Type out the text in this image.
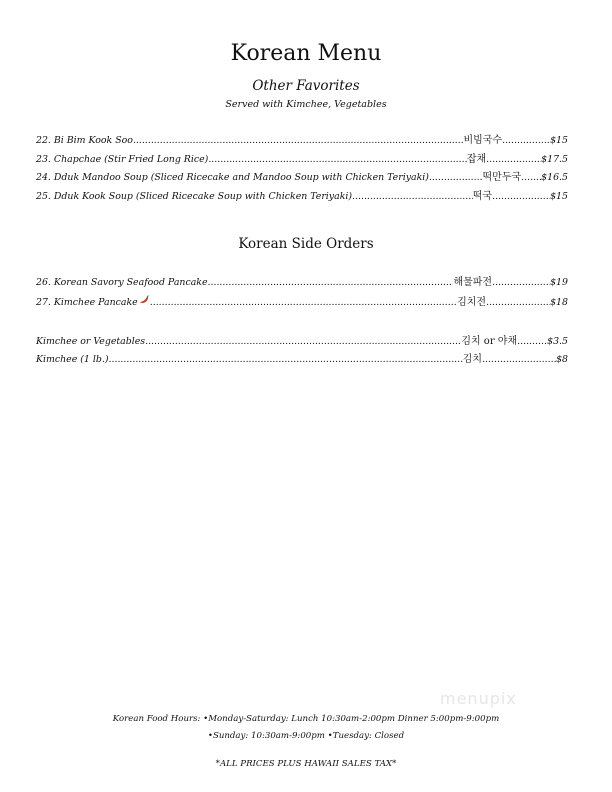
Korean Menu
Other Favorites
Served with Kimchee, Vegetables
22. Bi Bim Kook Soo .....	비빔국수 .....	$15
23. Chapchae (Stir Fried Long Rice) .....	잡채 .....	$17.5
24. Dduk Mandoo Soup (Sliced Ricecake and Mandoo Soup with Chicken Teriyaki) .....	떡만두국 ..... $16.5
25. Dduk Kook Soup (Sliced Ricecake Soup with Chicken Teriyaki) .....	떡국 .....	$15
Korean Side Orders
26. Korean Savory Seafood Pancake .....	해물파전 .....	$19
27. Kimchee Pancake .....	김치전 .....	$18
Kimchee or Vegetables .....	김치 or 야채 .....	$3.5
Kimchee (1 lb.) .....	김치 .....	$8
menupix
Korean Food Hours: •Monday-Saturday: Lunch 10:30am-2:00pm Dinner 5:00pm-9:00pm
•Sunday: 10:30am-9:00pm •Tuesday: Closed
*ALL PRICES PLUS HAWAII SALES TAX*
